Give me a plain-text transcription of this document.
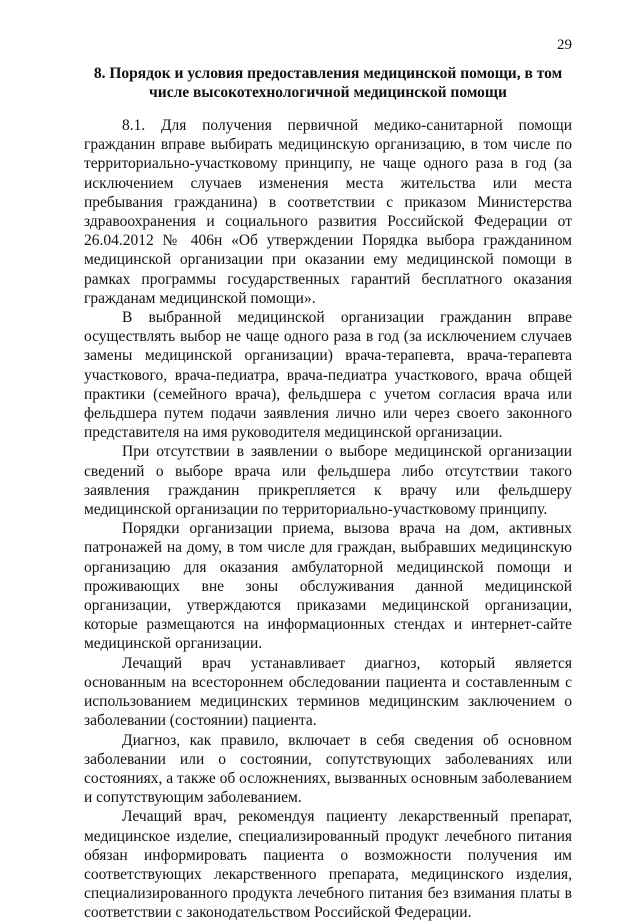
29
8. Порядок и условия предоставления медицинской помощи, в том числе высокотехнологичной медицинской помощи

8.1. Для получения первичной медико-санитарной помощи гражданин вправе выбирать медицинскую организацию, в том числе по территориально-участковому принципу, не чаще одного раза в год (за исключением случаев изменения места жительства или места пребывания гражданина) в соответствии с приказом Министерства здравоохранения и социального развития Российской Федерации от 26.04.2012 № 406н «Об утверждении Порядка выбора гражданином медицинской организации при оказании ему медицинской помощи в рамках программы государственных гарантий бесплатного оказания гражданам медицинской помощи».

В выбранной медицинской организации гражданин вправе осуществлять выбор не чаще одного раза в год (за исключением случаев замены медицинской организации) врача-терапевта, врача-терапевта участкового, врача-педиатра, врача-педиатра участкового, врача общей практики (семейного врача), фельдшера с учетом согласия врача или фельдшера путем подачи заявления лично или через своего законного представителя на имя руководителя медицинской организации.

При отсутствии в заявлении о выборе медицинской организации сведений о выборе врача или фельдшера либо отсутствии такого заявления гражданин прикрепляется к врачу или фельдшеру медицинской организации по территориально-участковому принципу.

Порядки организации приема, вызова врача на дом, активных патронажей на дому, в том числе для граждан, выбравших медицинскую организацию для оказания амбулаторной медицинской помощи и проживающих вне зоны обслуживания данной медицинской организации, утверждаются приказами медицинской организации, которые размещаются на информационных стендах и интернет-сайте медицинской организации.

Лечащий врач устанавливает диагноз, который является основанным на всестороннем обследовании пациента и составленным с использованием медицинских терминов медицинским заключением о заболевании (состоянии) пациента.

Диагноз, как правило, включает в себя сведения об основном заболевании или о состоянии, сопутствующих заболеваниях или состояниях, а также об осложнениях, вызванных основным заболеванием и сопутствующим заболеванием.

Лечащий врач, рекомендуя пациенту лекарственный препарат, медицинское изделие, специализированный продукт лечебного питания обязан информировать пациента о возможности получения им соответствующих лекарственного препарата, медицинского изделия, специализированного продукта лечебного питания без взимания платы в соответствии с законодательством Российской Федерации.
